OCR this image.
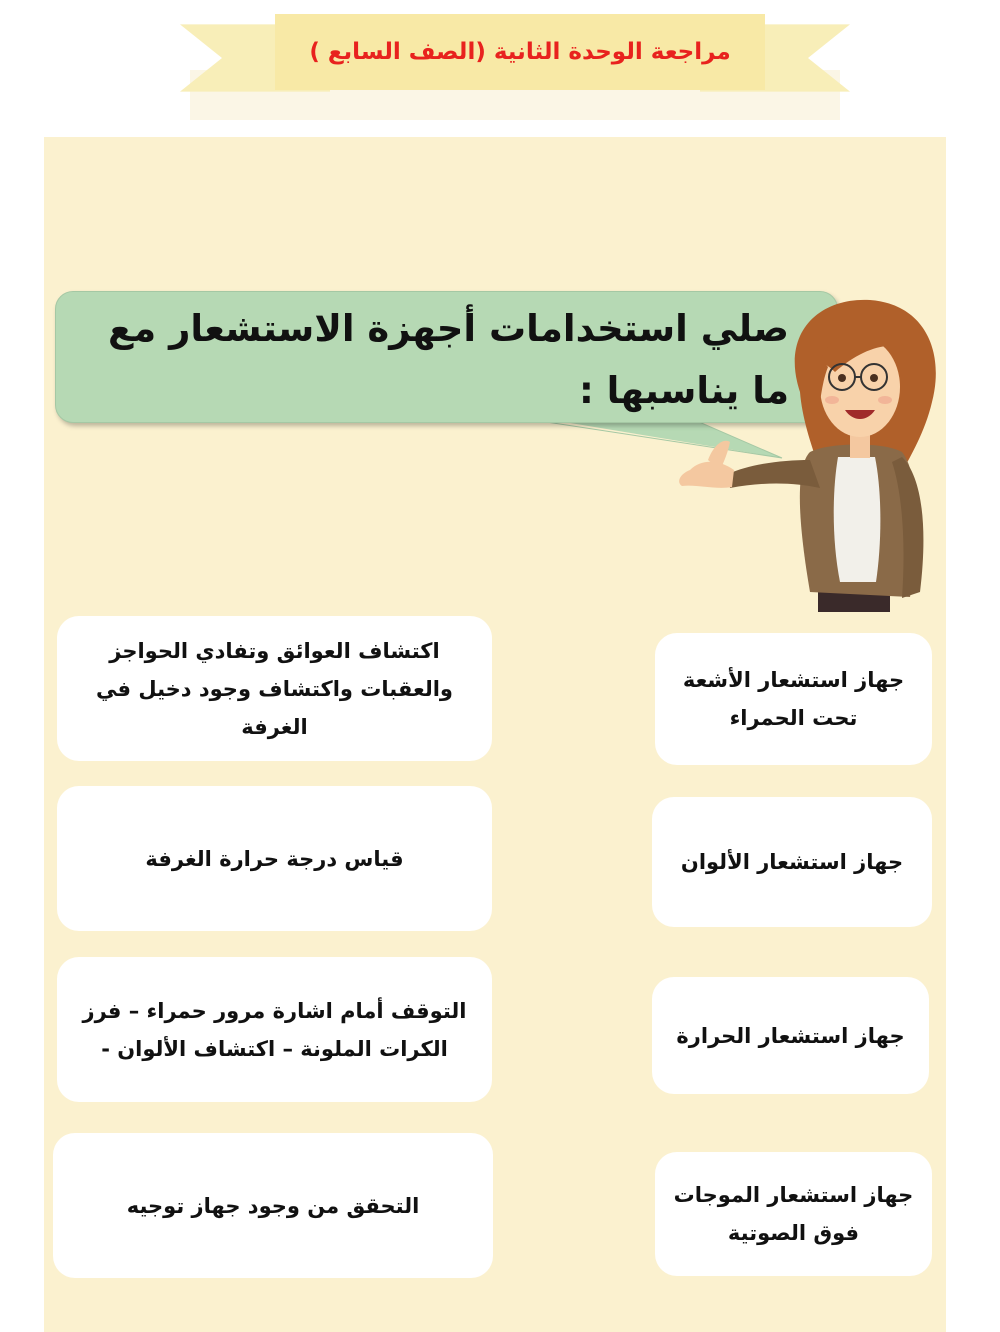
مراجعة الوحدة الثانية (الصف السابع )
صلي استخدامات أجهزة الاستشعار مع ما يناسبها :
اكتشاف العوائق وتفادي الحواجز والعقبات واكتشاف وجود دخيل في الغرفة
قياس درجة حرارة الغرفة
التوقف أمام اشارة مرور حمراء – فرز الكرات الملونة – اكتشاف الألوان -
التحقق من وجود جهاز توجيه
جهاز استشعار الأشعة تحت الحمراء
جهاز استشعار الألوان
جهاز استشعار الحرارة
جهاز استشعار الموجات فوق الصوتية
